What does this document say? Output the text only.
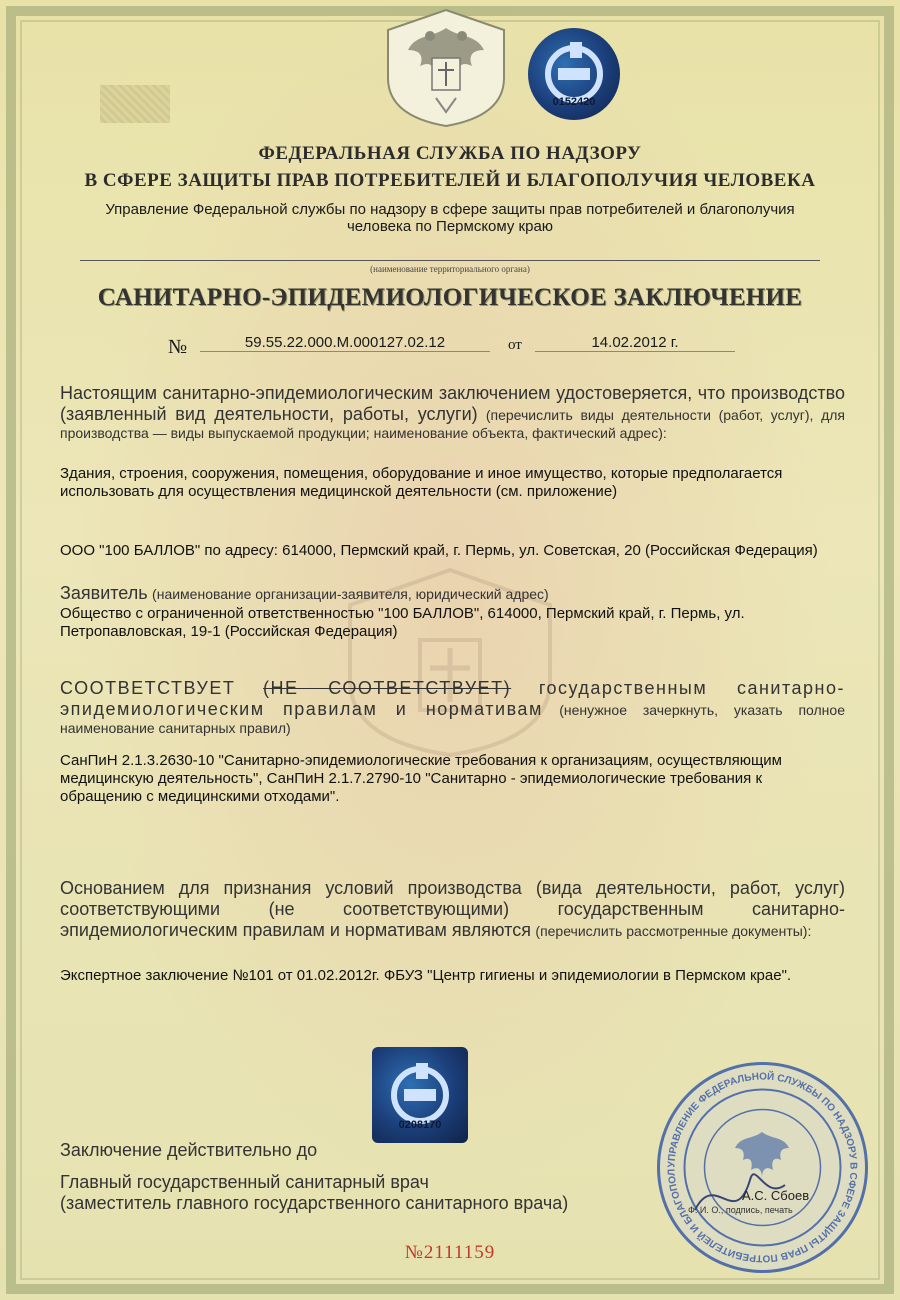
0152420
ФЕДЕРАЛЬНАЯ СЛУЖБА ПО НАДЗОРУ
В СФЕРЕ ЗАЩИТЫ ПРАВ ПОТРЕБИТЕЛЕЙ И БЛАГОПОЛУЧИЯ ЧЕЛОВЕКА
Управление Федеральной службы по надзору в сфере защиты прав потребителей и благополучия
человека по Пермскому краю
(наименование территориального органа)
САНИТАРНО-ЭПИДЕМИОЛОГИЧЕСКОЕ ЗАКЛЮЧЕНИЕ
№	59.55.22.000.М.000127.02.12	от	14.02.2012 г.
Настоящим санитарно-эпидемиологическим заключением удостоверяется, что производство (заявленный вид деятельности, работы, услуги) (перечислить виды деятельности (работ, услуг), для производства — виды выпускаемой продукции; наименование объекта, фактический адрес):
Здания, строения, сооружения, помещения, оборудование и иное имущество, которые предполагается использовать для осуществления медицинской деятельности (см. приложение)
ООО "100 БАЛЛОВ" по адресу: 614000, Пермский край, г. Пермь, ул. Советская, 20 (Российская Федерация)
Заявитель (наименование организации-заявителя, юридический адрес)
Общество с ограниченной ответственностью "100 БАЛЛОВ", 614000, Пермский край, г. Пермь, ул. Петропавловская, 19-1 (Российская Федерация)
СООТВЕТСТВУЕТ (НЕ СООТВЕТСТВУЕТ) государственным санитарно-эпидемиологическим правилам и нормативам (ненужное зачеркнуть, указать полное наименование санитарных правил)
СанПиН 2.1.3.2630-10 "Санитарно-эпидемиологические требования к организациям, осуществляющим медицинскую деятельность", СанПиН 2.1.7.2790-10 "Санитарно - эпидемиологические требования к обращению с медицинскими отходами".
Основанием для признания условий производства (вида деятельности, работ, услуг) соответствующими (не соответствующими) государственным санитарно-эпидемиологическим правилам и нормативам являются (перечислить рассмотренные документы):
Экспертное заключение №101 от 01.02.2012г. ФБУЗ "Центр гигиены и эпидемиологии в Пермском крае".
0208170
Заключение действительно до
Главный государственный санитарный врач
(заместитель главного государственного санитарного врача)
УПРАВЛЕНИЕ ФЕДЕРАЛЬНОЙ СЛУЖБЫ ПО НАДЗОРУ В СФЕРЕ ЗАЩИТЫ ПРАВ ПОТРЕБИТЕЛЕЙ И БЛАГОПОЛ
А.С. Сбоев
Ф. И. О., подпись, печать
№2111159
